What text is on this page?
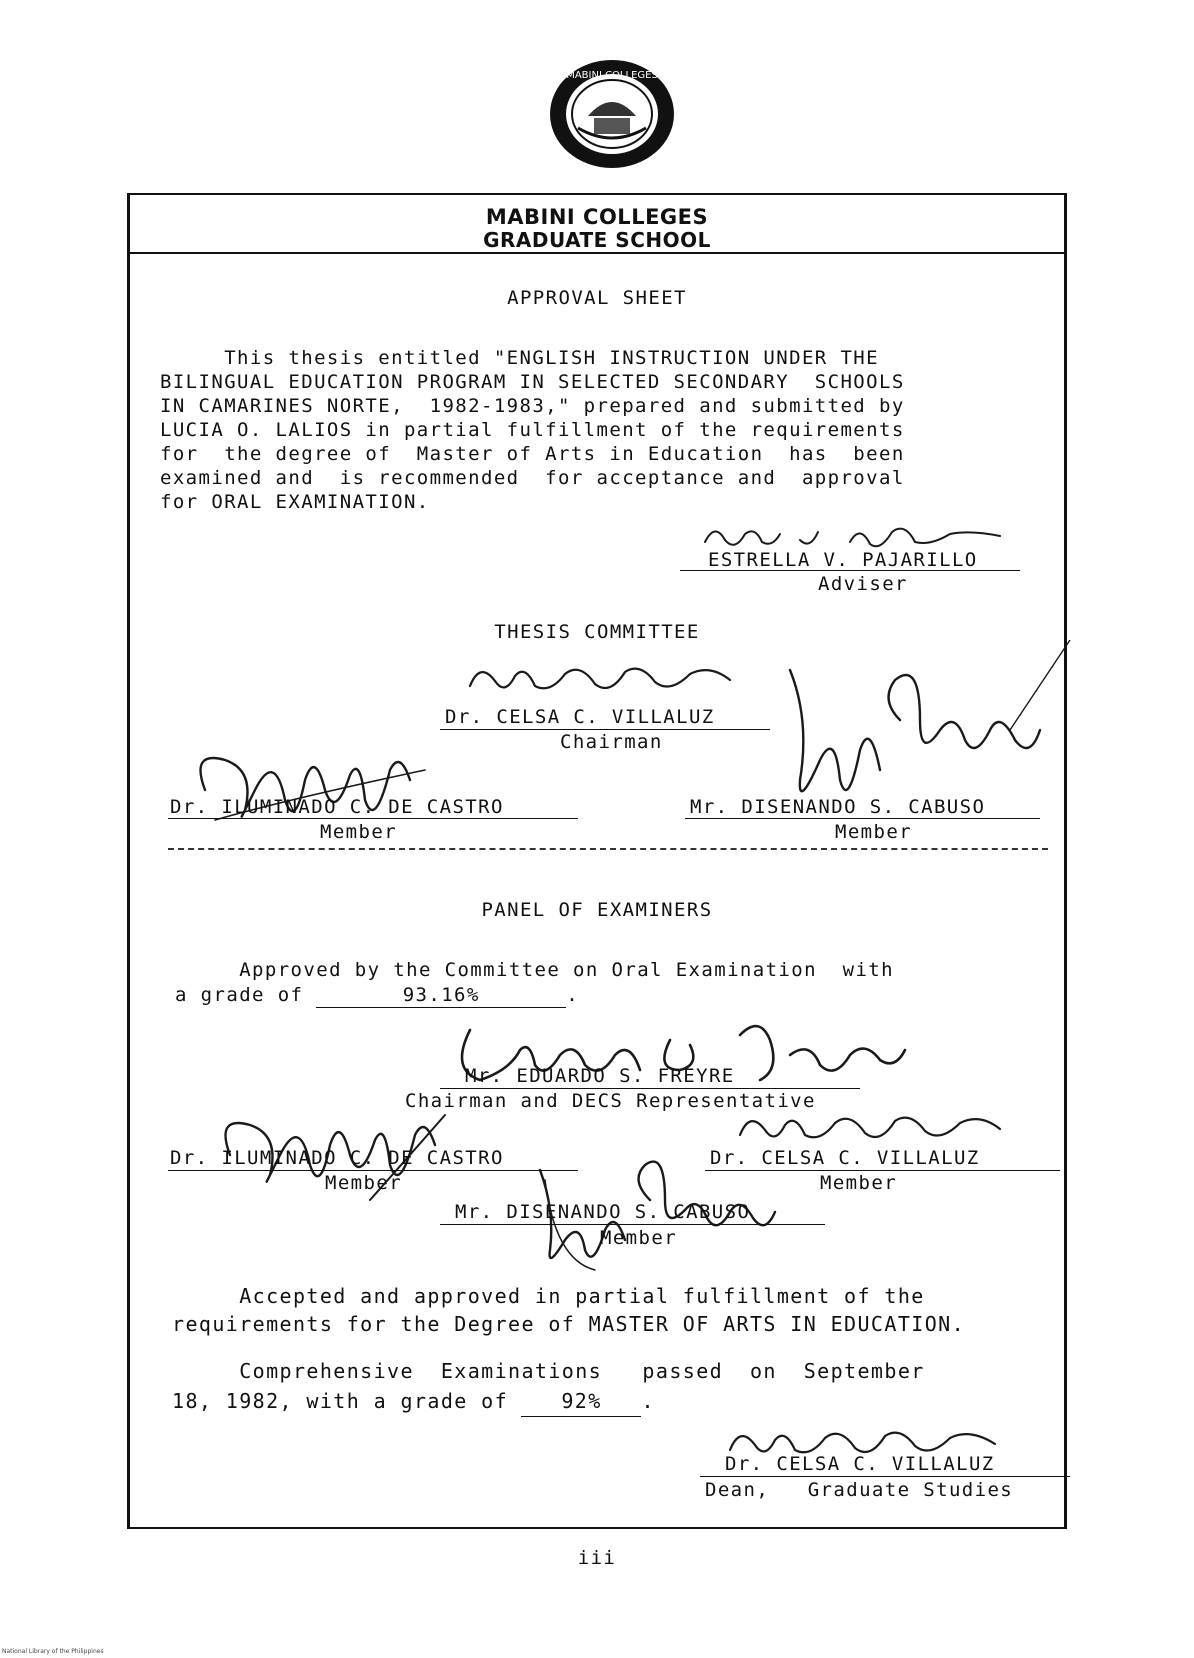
MABINI COLLEGES
MABINI COLLEGES
GRADUATE SCHOOL
APPROVAL SHEET
This thesis entitled "ENGLISH INSTRUCTION UNDER THE
BILINGUAL EDUCATION PROGRAM IN SELECTED SECONDARY  SCHOOLS
IN CAMARINES NORTE,  1982-1983," prepared and submitted by
LUCIA O. LALIOS in partial fulfillment of the requirements
for  the degree of  Master of Arts in Education  has  been
examined and  is recommended  for acceptance and  approval
for ORAL EXAMINATION.
ESTRELLA V. PAJARILLO
Adviser
THESIS COMMITTEE
Dr. CELSA C. VILLALUZ
Chairman
Dr. ILUMINADO C. DE CASTRO
Member
Mr. DISENANDO S. CABUSO
Member
PANEL OF EXAMINERS
Approved by the Committee on Oral Examination  with
a grade of	93.16%	.
Mr. EDUARDO S. FREYRE
Chairman and DECS Representative
Dr. ILUMINADO C. DE CASTRO
Member
Dr. CELSA C. VILLALUZ
Member
Mr. DISENANDO S. CABUSO
Member
Accepted and approved in partial fulfillment of the
requirements for the Degree of MASTER OF ARTS IN EDUCATION.
Comprehensive  Examinations   passed  on  September
18, 1982, with a grade of	92% .
Dr. CELSA C. VILLALUZ
Dean,   Graduate Studies
iii
National Library of the Philippines
